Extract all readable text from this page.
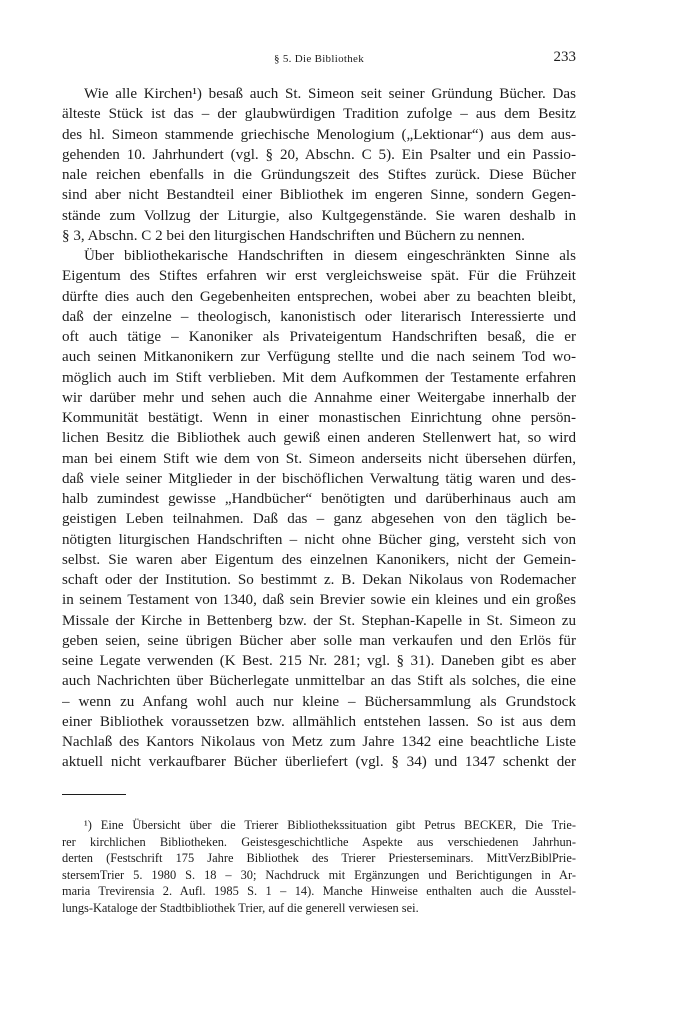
§ 5. Die Bibliothek	233
Wie alle Kirchen¹) besaß auch St. Simeon seit seiner Gründung Bücher. Das
älteste Stück ist das – der glaubwürdigen Tradition zufolge – aus dem Besitz
des hl. Simeon stammende griechische Menologium („Lektionar“) aus dem aus-
gehenden 10. Jahrhundert (vgl. § 20, Abschn. C 5). Ein Psalter und ein Passio-
nale reichen ebenfalls in die Gründungszeit des Stiftes zurück. Diese Bücher
sind aber nicht Bestandteil einer Bibliothek im engeren Sinne, sondern Gegen-
stände zum Vollzug der Liturgie, also Kultgegenstände. Sie waren deshalb in
§ 3, Abschn. C 2 bei den liturgischen Handschriften und Büchern zu nennen.
Über bibliothekarische Handschriften in diesem eingeschränkten Sinne als
Eigentum des Stiftes erfahren wir erst vergleichsweise spät. Für die Frühzeit
dürfte dies auch den Gegebenheiten entsprechen, wobei aber zu beachten bleibt,
daß der einzelne – theologisch, kanonistisch oder literarisch Interessierte und
oft auch tätige – Kanoniker als Privateigentum Handschriften besaß, die er
auch seinen Mitkanonikern zur Verfügung stellte und die nach seinem Tod wo-
möglich auch im Stift verblieben. Mit dem Aufkommen der Testamente erfahren
wir darüber mehr und sehen auch die Annahme einer Weitergabe innerhalb der
Kommunität bestätigt. Wenn in einer monastischen Einrichtung ohne persön-
lichen Besitz die Bibliothek auch gewiß einen anderen Stellenwert hat, so wird
man bei einem Stift wie dem von St. Simeon anderseits nicht übersehen dürfen,
daß viele seiner Mitglieder in der bischöflichen Verwaltung tätig waren und des-
halb zumindest gewisse „Handbücher“ benötigten und darüberhinaus auch am
geistigen Leben teilnahmen. Daß das – ganz abgesehen von den täglich be-
nötigten liturgischen Handschriften – nicht ohne Bücher ging, versteht sich von
selbst. Sie waren aber Eigentum des einzelnen Kanonikers, nicht der Gemein-
schaft oder der Institution. So bestimmt z. B. Dekan Nikolaus von Rodemacher
in seinem Testament von 1340, daß sein Brevier sowie ein kleines und ein großes
Missale der Kirche in Bettenberg bzw. der St. Stephan-Kapelle in St. Simeon zu
geben seien, seine übrigen Bücher aber solle man verkaufen und den Erlös für
seine Legate verwenden (K Best. 215 Nr. 281; vgl. § 31). Daneben gibt es aber
auch Nachrichten über Bücherlegate unmittelbar an das Stift als solches, die eine
– wenn zu Anfang wohl auch nur kleine – Büchersammlung als Grundstock
einer Bibliothek voraussetzen bzw. allmählich entstehen lassen. So ist aus dem
Nachlaß des Kantors Nikolaus von Metz zum Jahre 1342 eine beachtliche Liste
aktuell nicht verkaufbarer Bücher überliefert (vgl. § 34) und 1347 schenkt der
¹) Eine Übersicht über die Trierer Bibliothekssituation gibt Petrus BECKER, Die Trie-
rer kirchlichen Bibliotheken. Geistesgeschichtliche Aspekte aus verschiedenen Jahrhun-
derten (Festschrift 175 Jahre Bibliothek des Trierer Priesterseminars. MittVerzBiblPrie-
stersemTrier 5. 1980 S. 18 – 30; Nachdruck mit Ergänzungen und Berichtigungen in Ar-
maria Trevirensia 2. Aufl. 1985 S. 1 – 14). Manche Hinweise enthalten auch die Ausstel-
lungs-Kataloge der Stadtbibliothek Trier, auf die generell verwiesen sei.
